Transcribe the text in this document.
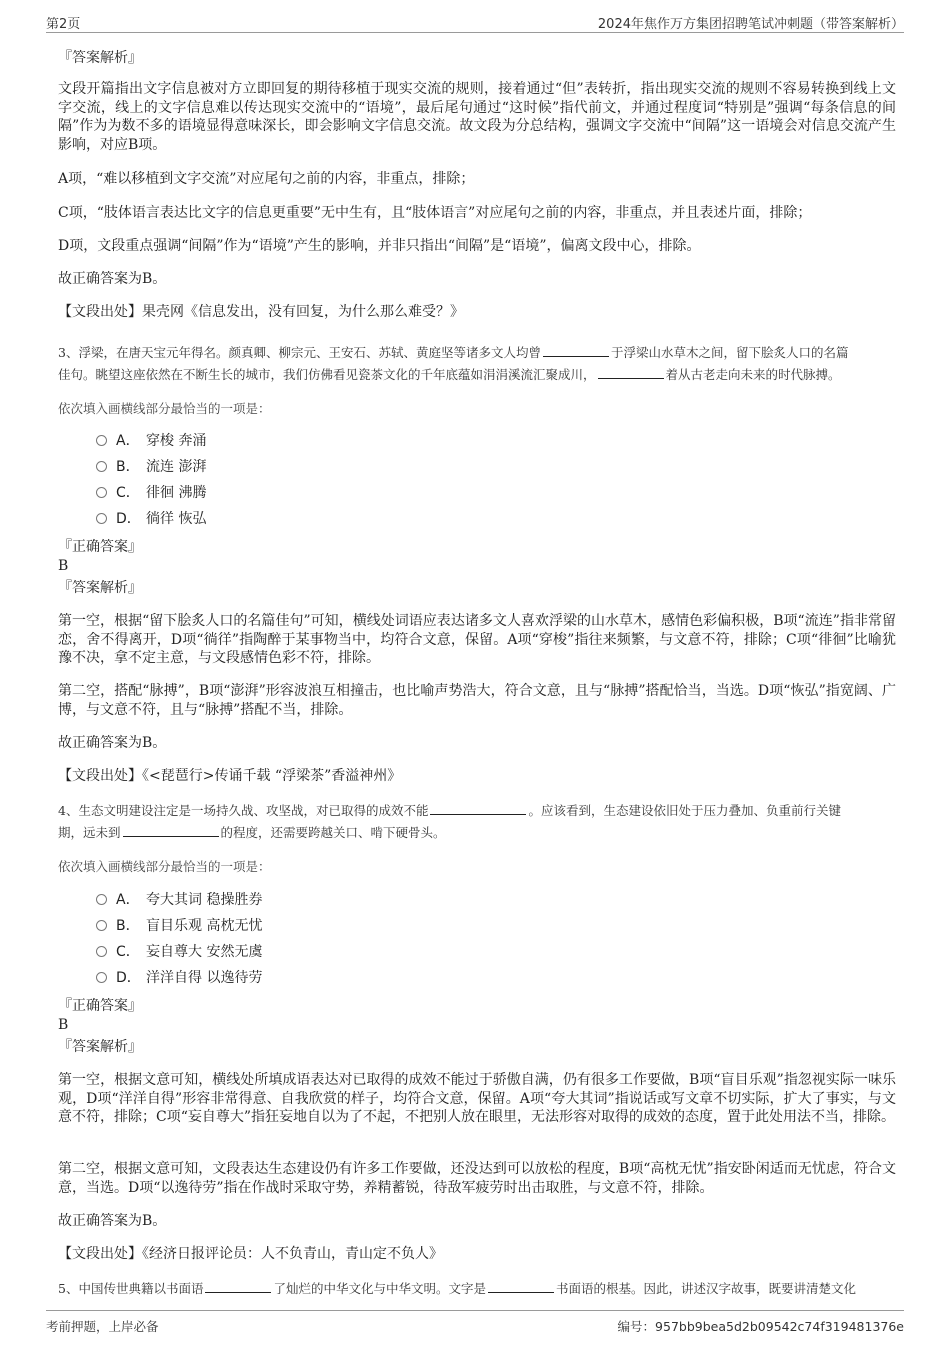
第2页	2024年焦作万方集团招聘笔试冲刺题（带答案解析）
『答案解析』
文段开篇指出文字信息被对方立即回复的期待移植于现实交流的规则，接着通过“但”表转折，指出现实交流的规则不容易转换到线上文字交流，线上的文字信息难以传达现实交流中的“语境”，最后尾句通过“这时候”指代前文，并通过程度词“特别是”强调“每条信息的间隔”作为为数不多的语境显得意味深长，即会影响文字信息交流。故文段为分总结构，强调文字交流中“间隔”这一语境会对信息交流产生影响，对应B项。
A项，“难以移植到文字交流”对应尾句之前的内容，非重点，排除；
C项，“肢体语言表达比文字的信息更重要”无中生有，且“肢体语言”对应尾句之前的内容，非重点，并且表述片面，排除；
D项，文段重点强调“间隔”作为“语境”产生的影响，并非只指出“间隔”是“语境”，偏离文段中心，排除。
故正确答案为B。
【文段出处】果壳网《信息发出，没有回复，为什么那么难受？》
3、浮梁，在唐天宝元年得名。颜真卿、柳宗元、王安石、苏轼、黄庭坚等诸多文人均曾	于浮梁山水草木之间，留下脍炙人口的名篇
佳句。眺望这座依然在不断生长的城市，我们仿佛看见瓷茶文化的千年底蕴如涓涓溪流汇聚成川，	着从古老走向未来的时代脉搏。
依次填入画横线部分最恰当的一项是：
A． 穿梭 奔涌
B． 流连 澎湃
C． 徘徊 沸腾
D． 徜徉 恢弘
『正确答案』
B
『答案解析』
第一空，根据“留下脍炙人口的名篇佳句”可知，横线处词语应表达诸多文人喜欢浮梁的山水草木，感情色彩偏积极，B项“流连”指非常留恋，舍不得离开，D项“徜徉”指陶醉于某事物当中，均符合文意，保留。A项“穿梭”指往来频繁，与文意不符，排除；C项“徘徊”比喻犹豫不决，拿不定主意，与文段感情色彩不符，排除。
第二空，搭配“脉搏”，B项“澎湃”形容波浪互相撞击，也比喻声势浩大，符合文意，且与“脉搏”搭配恰当，当选。D项“恢弘”指宽阔、广博，与文意不符，且与“脉搏”搭配不当，排除。
故正确答案为B。
【文段出处】《<琵琶行>传诵千载 “浮梁茶”香溢神州》
4、生态文明建设注定是一场持久战、攻坚战，对已取得的成效不能	。应该看到，生态建设依旧处于压力叠加、负重前行关键
期，远未到	的程度，还需要跨越关口、啃下硬骨头。
依次填入画横线部分最恰当的一项是：
A． 夸大其词 稳操胜券
B． 盲目乐观 高枕无忧
C． 妄自尊大 安然无虞
D． 洋洋自得 以逸待劳
『正确答案』
B
『答案解析』
第一空，根据文意可知，横线处所填成语表达对已取得的成效不能过于骄傲自满，仍有很多工作要做，B项“盲目乐观”指忽视实际一味乐观，D项“洋洋自得”形容非常得意、自我欣赏的样子，均符合文意，保留。A项“夸大其词”指说话或写文章不切实际，扩大了事实，与文意不符，排除；C项“妄自尊大”指狂妄地自以为了不起，不把别人放在眼里，无法形容对取得的成效的态度，置于此处用法不当，排除。
第二空，根据文意可知，文段表达生态建设仍有许多工作要做，还没达到可以放松的程度，B项“高枕无忧”指安卧闲适而无忧虑，符合文意，当选。D项“以逸待劳”指在作战时采取守势，养精蓄锐，待敌军疲劳时出击取胜，与文意不符，排除。
故正确答案为B。
【文段出处】《经济日报评论员：人不负青山，青山定不负人》
5、中国传世典籍以书面语	了灿烂的中华文化与中华文明。文字是	书面语的根基。因此，讲述汉字故事，既要讲清楚文化
考前押题，上岸必备	编号：957bb9bea5d2b09542c74f319481376e
